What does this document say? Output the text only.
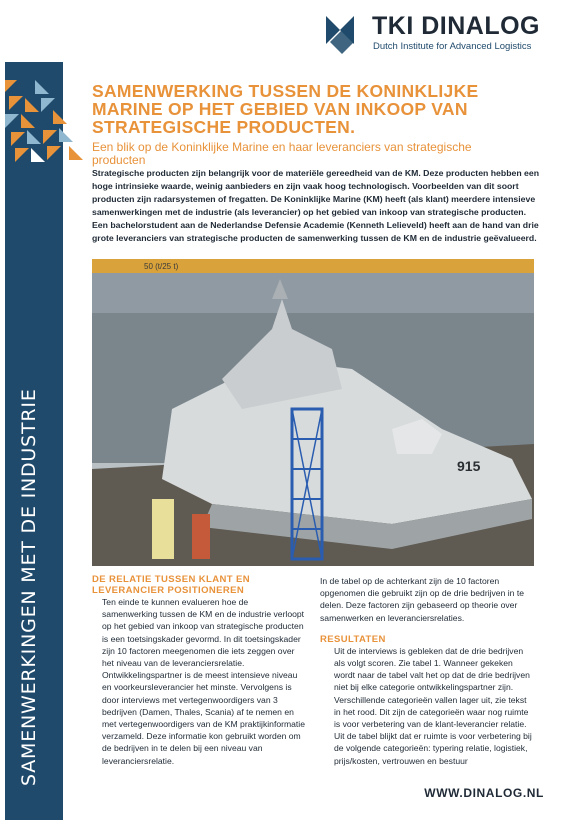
SAMENWERKINGEN MET DE INDUSTRIE
TKI DINALOG
Dutch Institute for Advanced Logistics
SAMENWERKING TUSSEN DE KONINKLIJKE MARINE OP HET GEBIED VAN INKOOP VAN STRATEGISCHE PRODUCTEN.

Een blik op de Koninklijke Marine en haar leveranciers van strategische producten

Strategische producten zijn belangrijk voor de materiële gereedheid van de KM. Deze producten hebben een hoge intrinsieke waarde, weinig aanbieders en zijn vaak hoog technologisch. Voorbeelden van dit soort producten zijn radarsystemen of fregatten. De Koninklijke Marine (KM) heeft (als klant) meerdere intensieve samenwerkingen met de industrie (als leverancier) op het gebied van inkoop van strategische producten. Een bachelorstudent aan de Nederlandse Defensie Academie (Kenneth Lelieveld) heeft aan de hand van drie grote leveranciers van strategische producten de samenwerking tussen de KM en de industrie geëvalueerd.

50 (t/25 t)
915
DE RELATIE TUSSEN KLANT EN LEVERANCIER POSITIONEREN

Ten einde te kunnen evalueren hoe de samenwerking tussen de KM en de industrie verloopt op het gebied van inkoop van strategische producten is een toetsingskader gevormd. In dit toetsingskader zijn 10 factoren meegenomen die iets zeggen over het niveau van de leveranciersrelatie. Ontwikkelingspartner is de meest intensieve niveau en voorkeursleverancier het minste. Vervolgens is door interviews met vertegenwoordigers van 3 bedrijven (Damen, Thales, Scania) af te nemen en met vertegenwoordigers van de KM praktijkinformatie verzameld. Deze informatie kon gebruikt worden om de bedrijven in te delen bij een niveau van leveranciersrelatie.

In de tabel op de achterkant zijn de 10 factoren opgenomen die gebruikt zijn op de drie bedrijven in te delen. Deze factoren zijn gebaseerd op theorie over samenwerken en leveranciersrelaties.

RESULTATEN

Uit de interviews is gebleken dat de drie bedrijven als volgt scoren. Zie tabel 1. Wanneer gekeken wordt naar de tabel valt het op dat de drie bedrijven niet bij elke categorie ontwikkelingspartner zijn. Verschillende categorieën vallen lager uit, zie tekst in het rood. Dit zijn de categorieën waar nog ruimte is voor verbetering van de klant-leverancier relatie. Uit de tabel blijkt dat er ruimte is voor verbetering bij de volgende categorieën: typering relatie, logistiek, prijs/kosten, vertrouwen en bestuur

WWW.DINALOG.NL
